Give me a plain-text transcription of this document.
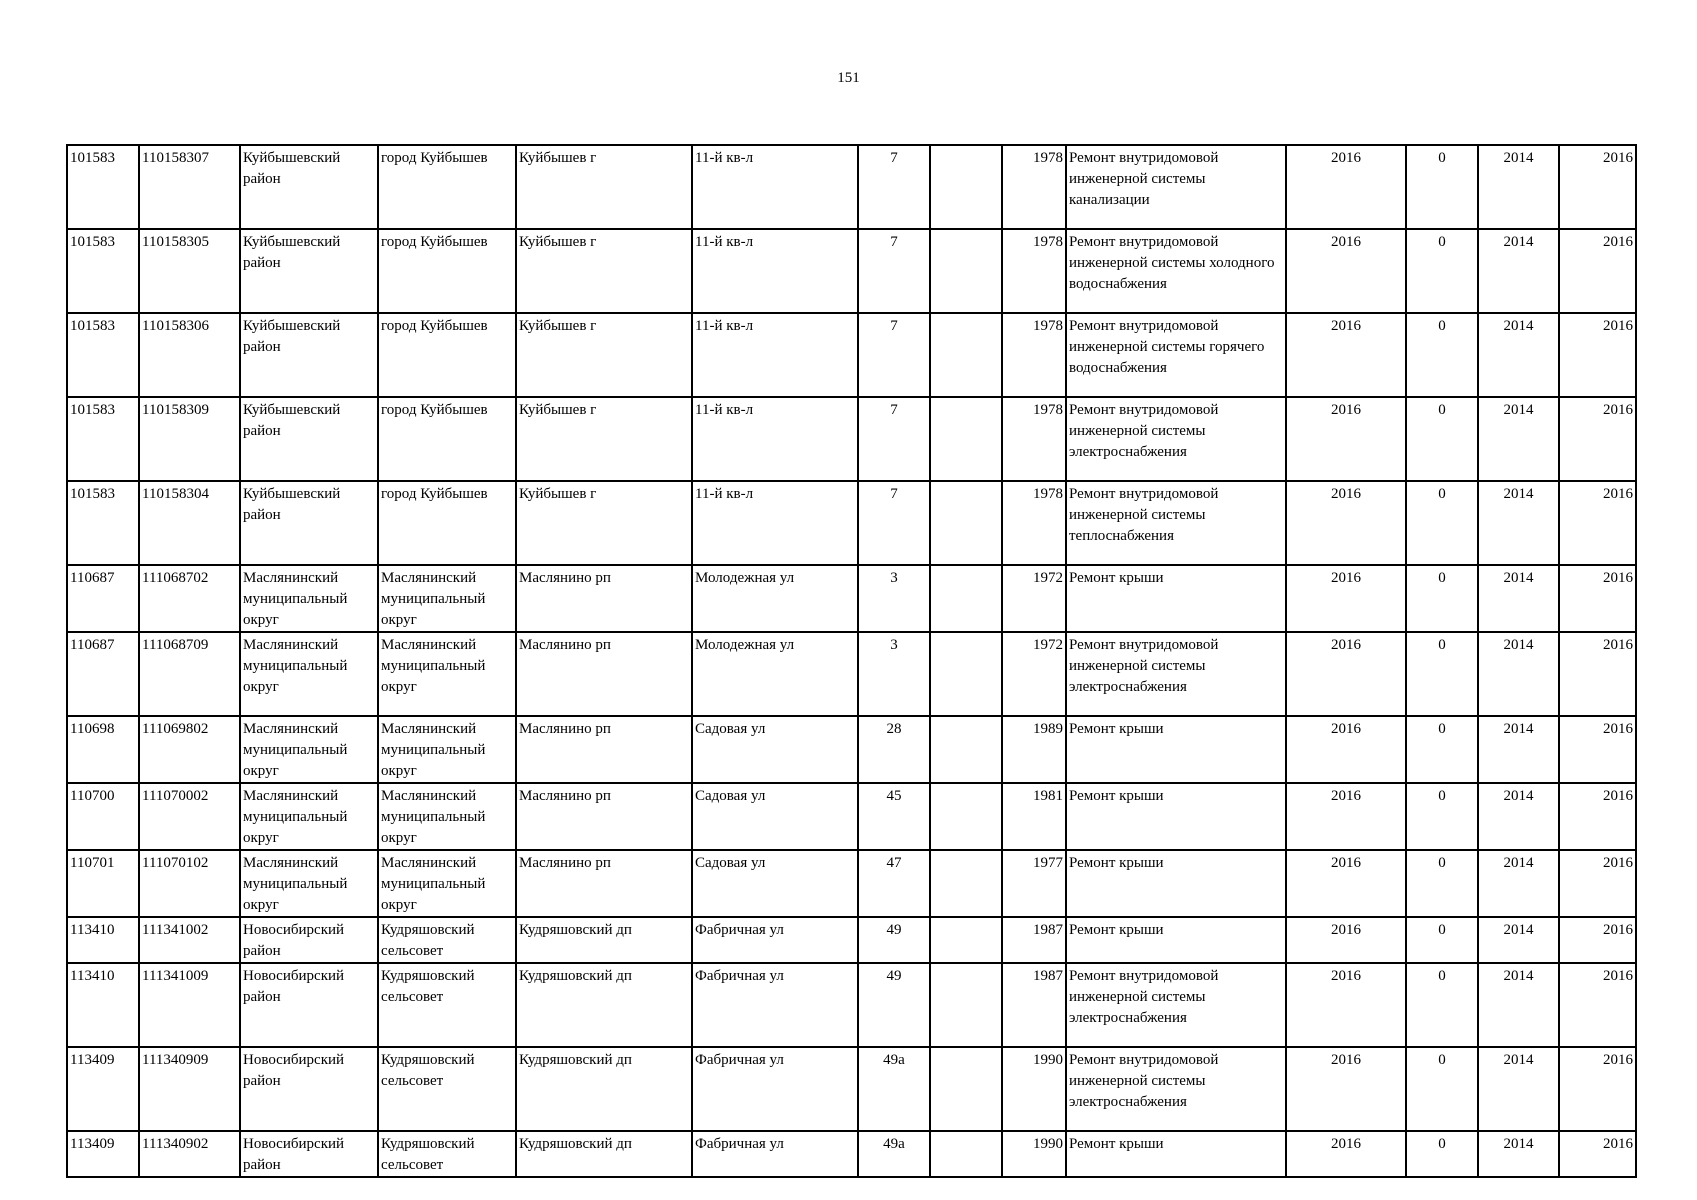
151
101583	110158307	Куйбышевский район	город Куйбышев	Куйбышев г	11-й кв-л	7		1978	Ремонт внутридомовой инженерной системы канализации	2016	0	2014	2016
101583	110158305	Куйбышевский район	город Куйбышев	Куйбышев г	11-й кв-л	7		1978	Ремонт внутридомовой инженерной системы холодного водоснабжения	2016	0	2014	2016
101583	110158306	Куйбышевский район	город Куйбышев	Куйбышев г	11-й кв-л	7		1978	Ремонт внутридомовой инженерной системы горячего водоснабжения	2016	0	2014	2016
101583	110158309	Куйбышевский район	город Куйбышев	Куйбышев г	11-й кв-л	7		1978	Ремонт внутридомовой инженерной системы электроснабжения	2016	0	2014	2016
101583	110158304	Куйбышевский район	город Куйбышев	Куйбышев г	11-й кв-л	7		1978	Ремонт внутридомовой инженерной системы теплоснабжения	2016	0	2014	2016
110687	111068702	Маслянинский муниципальный округ	Маслянинский муниципальный округ	Маслянино рп	Молодежная ул	3		1972	Ремонт крыши	2016	0	2014	2016
110687	111068709	Маслянинский муниципальный округ	Маслянинский муниципальный округ	Маслянино рп	Молодежная ул	3		1972	Ремонт внутридомовой инженерной системы электроснабжения	2016	0	2014	2016
110698	111069802	Маслянинский муниципальный округ	Маслянинский муниципальный округ	Маслянино рп	Садовая ул	28		1989	Ремонт крыши	2016	0	2014	2016
110700	111070002	Маслянинский муниципальный округ	Маслянинский муниципальный округ	Маслянино рп	Садовая ул	45		1981	Ремонт крыши	2016	0	2014	2016
110701	111070102	Маслянинский муниципальный округ	Маслянинский муниципальный округ	Маслянино рп	Садовая ул	47		1977	Ремонт крыши	2016	0	2014	2016
113410	111341002	Новосибирский район	Кудряшовский сельсовет	Кудряшовский дп	Фабричная ул	49		1987	Ремонт крыши	2016	0	2014	2016
113410	111341009	Новосибирский район	Кудряшовский сельсовет	Кудряшовский дп	Фабричная ул	49		1987	Ремонт внутридомовой инженерной системы электроснабжения	2016	0	2014	2016
113409	111340909	Новосибирский район	Кудряшовский сельсовет	Кудряшовский дп	Фабричная ул	49а		1990	Ремонт внутридомовой инженерной системы электроснабжения	2016	0	2014	2016
113409	111340902	Новосибирский район	Кудряшовский сельсовет	Кудряшовский дп	Фабричная ул	49а		1990	Ремонт крыши	2016	0	2014	2016
